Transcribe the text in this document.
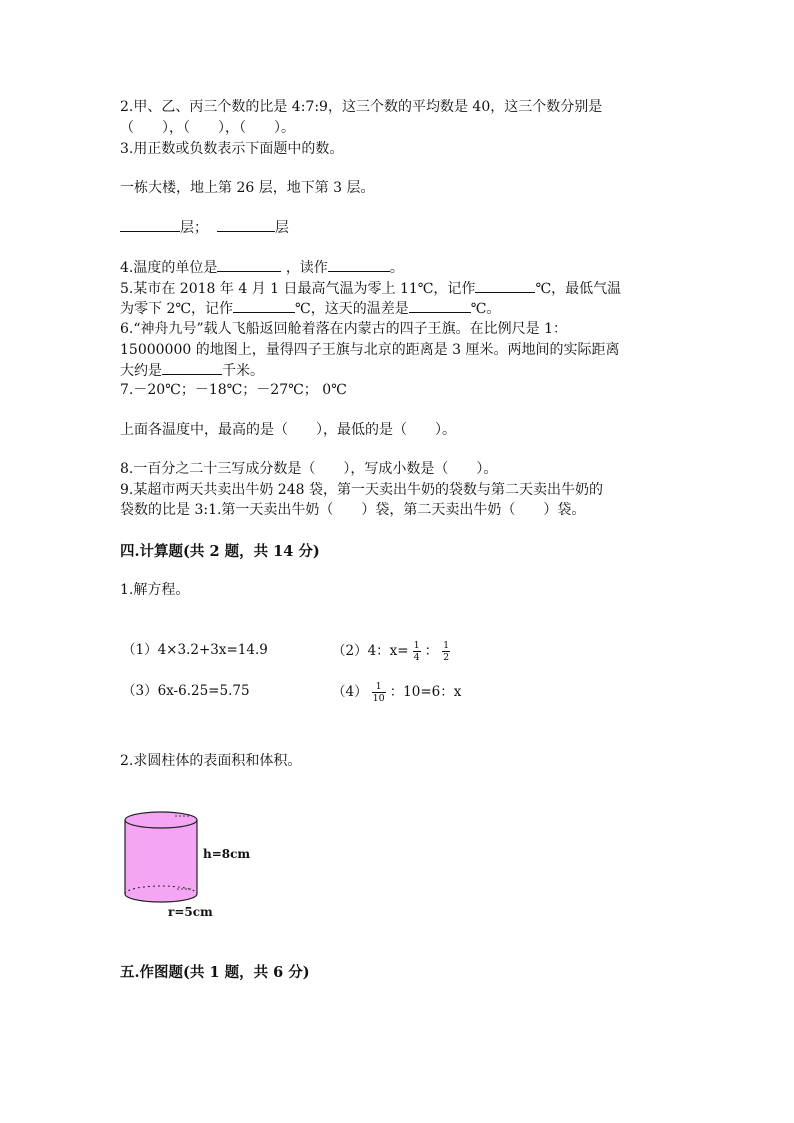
2.甲、乙、丙三个数的比是 4:7:9，这三个数的平均数是 40，这三个数分别是
（　　），（　　），（　　）。
3.用正数或负数表示下面题中的数。
一栋大楼，地上第 26 层，地下第 3 层。
层；	层
4.温度的单位是	，读作	。
5.某市在 2018 年 4 月 1 日最高气温为零上 11℃，记作	℃，最低气温
为零下 2℃，记作	℃，这天的温差是	℃。
6.“神舟九号”载人飞船返回舱着落在内蒙古的四子王旗。在比例尺是 1：
15000000 的地图上，量得四子王旗与北京的距离是 3 厘米。两地间的实际距离
大约是	千米。
7.－20℃；－18℃；－27℃； 0℃
上面各温度中，最高的是（　　），最低的是（　　）。
8.一百分之二十三写成分数是（　　），写成小数是（　　）。
9.某超市两天共卖出牛奶 248 袋，第一天卖出牛奶的袋数与第二天卖出牛奶的
袋数的比是 3:1.第一天卖出牛奶（　　）袋，第二天卖出牛奶（　　）袋。
四.计算题(共 2 题，共 14 分)
1.解方程。
（1）4×3.2+3x=14.9	（2）4：$x= \frac{1}{4}$ ： $\frac{1}{2}$
（3）6x-6.25=5.75	$(4) \frac{1}{10}$ ：10=6：x
2.求圆柱体的表面积和体积。
h=8cm
r=5cm
五.作图题(共 1 题，共 6 分)
